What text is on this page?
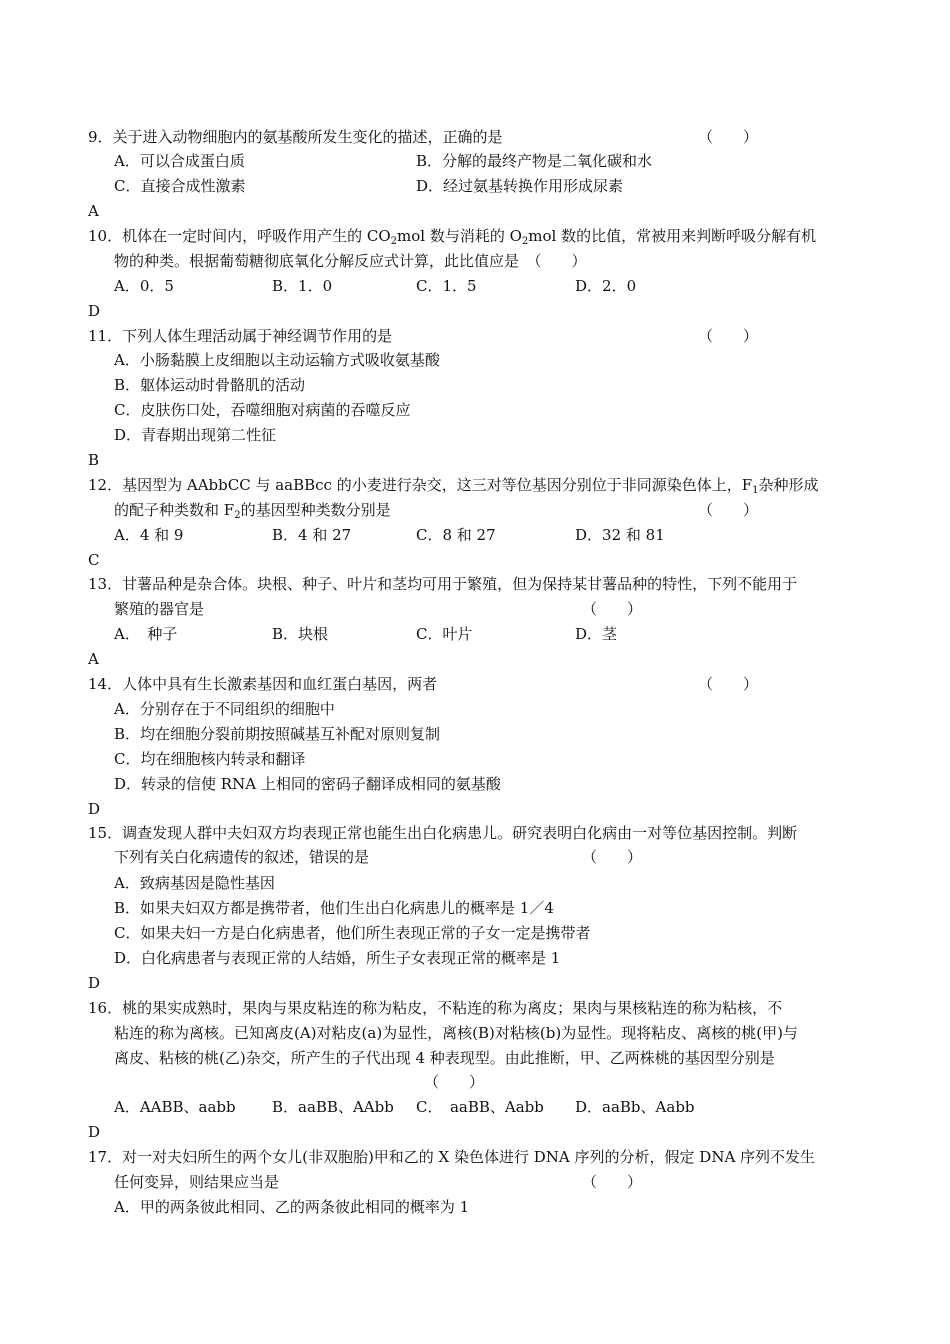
9．关于进入动物细胞内的氨基酸所发生变化的描述，正确的是	（　　）
A．可以合成蛋白质	B．分解的最终产物是二氧化碳和水
C．直接合成性激素	D．经过氨基转换作用形成尿素
A
10．机体在一定时间内，呼吸作用产生的 $CO_2mol$ 数与消耗的 $O_2mol$ 数的比值，常被用来判断呼吸分解有机
物的种类。根据葡萄糖彻底氧化分解反应式计算，此比值应是　（　　）
A．0．5	B．1．0	C．1．5	D．2．0
D
11．下列人体生理活动属于神经调节作用的是	（　　）
A．小肠黏膜上皮细胞以主动运输方式吸收氨基酸
B．躯体运动时骨骼肌的活动
C．皮肤伤口处，吞噬细胞对病菌的吞噬反应
D．青春期出现第二性征
B
12．基因型为 AAbbCC 与 aaBBcc 的小麦进行杂交，这三对等位基因分别位于非同源染色体上，$F_1$杂种形成
的配子种类数和 $F_2$的基因型种类数分别是	（　　）
A．4 和 9	B．4 和 27	C．8 和 27	D．32 和 81
C
13．甘薯品种是杂合体。块根、种子、叶片和茎均可用于繁殖，但为保持某甘薯品种的特性，下列不能用于
繁殖的器官是	（　　）
A．　种子	B．块根	C．叶片	D．茎
A
14．人体中具有生长激素基因和血红蛋白基因，两者	（　　）
A．分别存在于不同组织的细胞中
B．均在细胞分裂前期按照碱基互补配对原则复制
C．均在细胞核内转录和翻译
D．转录的信使 RNA 上相同的密码子翻译成相同的氨基酸
D
15．调查发现人群中夫妇双方均表现正常也能生出白化病患儿。研究表明白化病由一对等位基因控制。判断
下列有关白化病遗传的叙述，错误的是	（　　）
A．致病基因是隐性基因
B．如果夫妇双方都是携带者，他们生出白化病患儿的概率是 1／4
C．如果夫妇一方是白化病患者，他们所生表现正常的子女一定是携带者
D．白化病患者与表现正常的人结婚，所生子女表现正常的概率是 1
D
16．桃的果实成熟时，果肉与果皮粘连的称为粘皮，不粘连的称为离皮；果肉与果核粘连的称为粘核，不
粘连的称为离核。已知离皮(A)对粘皮(a)为显性，离核(B)对粘核(b)为显性。现将粘皮、离核的桃(甲)与
离皮、粘核的桃(乙)杂交，所产生的子代出现 4 种表现型。由此推断，甲、乙两株桃的基因型分别是
（　　）
A．AABB、aabb B．aaBB、AAbb C．　aaBB、Aabb D．aaBb、Aabb
D
17．对一对夫妇所生的两个女儿(非双胞胎)甲和乙的 X 染色体进行 DNA 序列的分析，假定 DNA 序列不发生
任何变异，则结果应当是	（　　）
A．甲的两条彼此相同、乙的两条彼此相同的概率为 1
